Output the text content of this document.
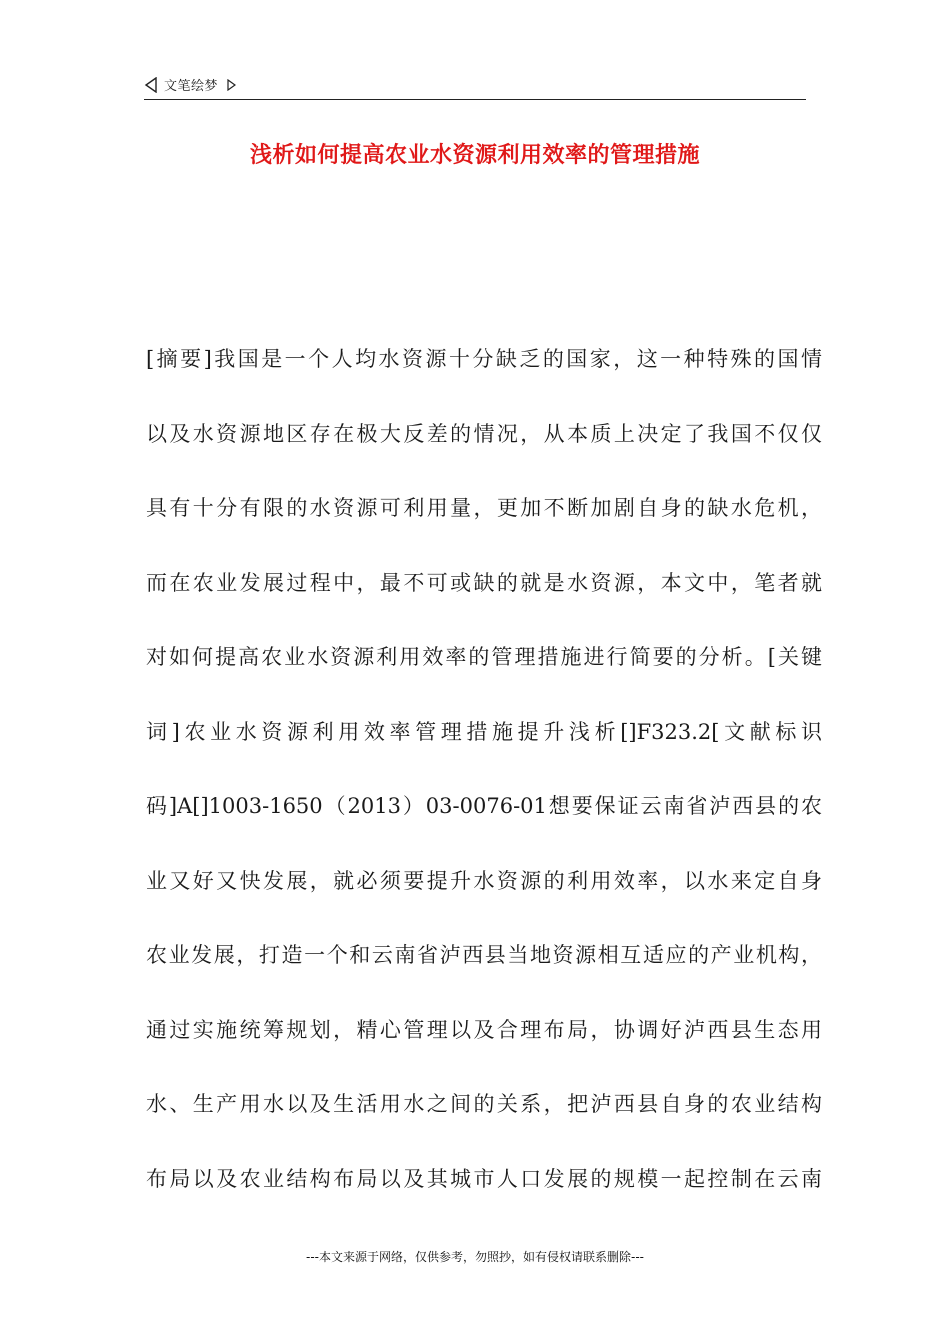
文笔绘梦
浅析如何提高农业水资源利用效率的管理措施
[摘要]我国是一个人均水资源十分缺乏的国家，这一种特殊的国情
以及水资源地区存在极大反差的情况，从本质上决定了我国不仅仅
具有十分有限的水资源可利用量，更加不断加剧自身的缺水危机，
而在农业发展过程中，最不可或缺的就是水资源，本文中，笔者就
对如何提高农业水资源利用效率的管理措施进行简要的分析。[关键
词]农业水资源利用效率管理措施提升浅析[]F323.2[文献标识
码]A[]1003-1650（2013）03-0076-01想要保证云南省泸西县的农
业又好又快发展，就必须要提升水资源的利用效率，以水来定自身
农业发展，打造一个和云南省泸西县当地资源相互适应的产业机构，
通过实施统筹规划，精心管理以及合理布局，协调好泸西县生态用
水、生产用水以及生活用水之间的关系，把泸西县自身的农业结构
布局以及农业结构布局以及其城市人口发展的规模一起控制在云南
---本文来源于网络，仅供参考，勿照抄，如有侵权请联系删除---
